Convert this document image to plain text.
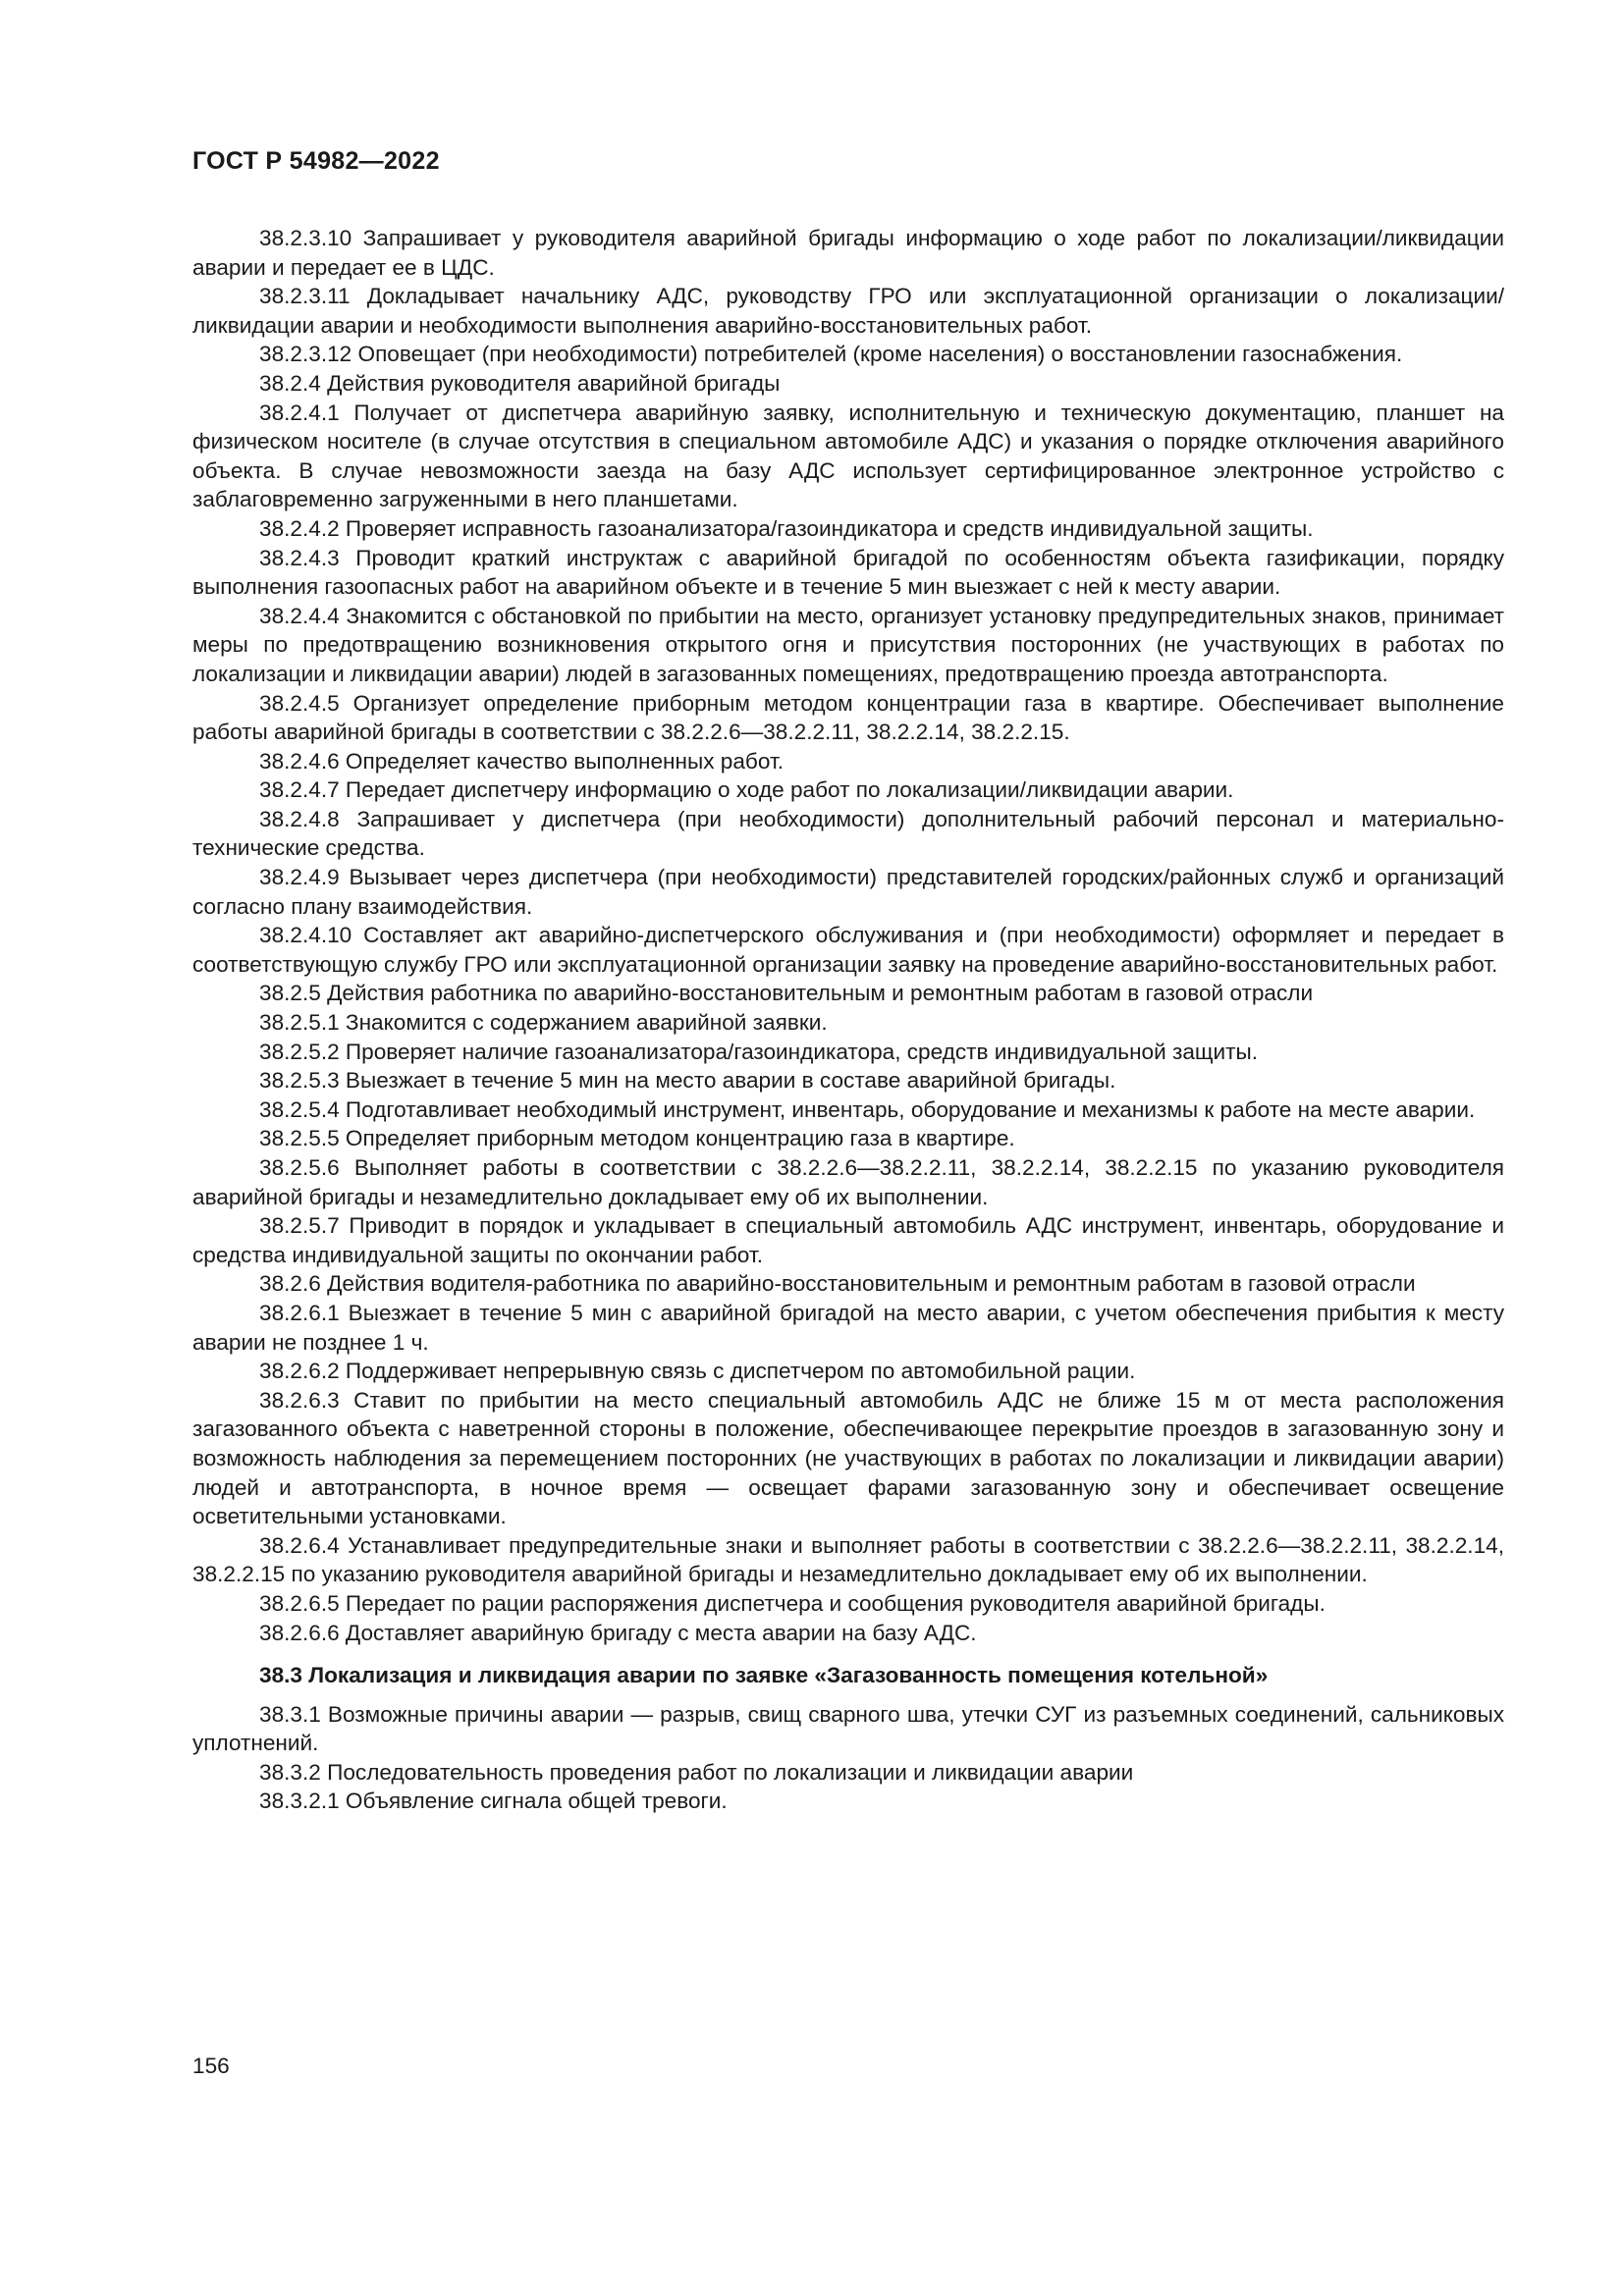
ГОСТ Р 54982—2022

38.2.3.10 Запрашивает у руководителя аварийной бригады информацию о ходе работ по локализации/ликвидации аварии и передает ее в ЦДС.

38.2.3.11 Докладывает начальнику АДС, руководству ГРО или эксплуатационной организации о локализации/ликвидации аварии и необходимости выполнения аварийно-восстановительных работ.

38.2.3.12 Оповещает (при необходимости) потребителей (кроме населения) о восстановлении газоснабжения.

38.2.4 Действия руководителя аварийной бригады

38.2.4.1 Получает от диспетчера аварийную заявку, исполнительную и техническую документацию, планшет на физическом носителе (в случае отсутствия в специальном автомобиле АДС) и указания о порядке отключения аварийного объекта. В случае невозможности заезда на базу АДС использует сертифицированное электронное устройство с заблаговременно загруженными в него планшетами.

38.2.4.2 Проверяет исправность газоанализатора/газоиндикатора и средств индивидуальной защиты.

38.2.4.3 Проводит краткий инструктаж с аварийной бригадой по особенностям объекта газификации, порядку выполнения газоопасных работ на аварийном объекте и в течение 5 мин выезжает с ней к месту аварии.

38.2.4.4 Знакомится с обстановкой по прибытии на место, организует установку предупредительных знаков, принимает меры по предотвращению возникновения открытого огня и присутствия посторонних (не участвующих в работах по локализации и ликвидации аварии) людей в загазованных помещениях, предотвращению проезда автотранспорта.

38.2.4.5 Организует определение приборным методом концентрации газа в квартире. Обеспечивает выполнение работы аварийной бригады в соответствии с 38.2.2.6—38.2.2.11, 38.2.2.14, 38.2.2.15.

38.2.4.6 Определяет качество выполненных работ.

38.2.4.7 Передает диспетчеру информацию о ходе работ по локализации/ликвидации аварии.

38.2.4.8 Запрашивает у диспетчера (при необходимости) дополнительный рабочий персонал и материально-технические средства.

38.2.4.9 Вызывает через диспетчера (при необходимости) представителей городских/районных служб и организаций согласно плану взаимодействия.

38.2.4.10 Составляет акт аварийно-диспетчерского обслуживания и (при необходимости) оформляет и передает в соответствующую службу ГРО или эксплуатационной организации заявку на проведение аварийно-восстановительных работ.

38.2.5 Действия работника по аварийно-восстановительным и ремонтным работам в газовой отрасли

38.2.5.1 Знакомится с содержанием аварийной заявки.

38.2.5.2 Проверяет наличие газоанализатора/газоиндикатора, средств индивидуальной защиты.

38.2.5.3 Выезжает в течение 5 мин на место аварии в составе аварийной бригады.

38.2.5.4 Подготавливает необходимый инструмент, инвентарь, оборудование и механизмы к работе на месте аварии.

38.2.5.5 Определяет приборным методом концентрацию газа в квартире.

38.2.5.6 Выполняет работы в соответствии с 38.2.2.6—38.2.2.11, 38.2.2.14, 38.2.2.15 по указанию руководителя аварийной бригады и незамедлительно докладывает ему об их выполнении.

38.2.5.7 Приводит в порядок и укладывает в специальный автомобиль АДС инструмент, инвентарь, оборудование и средства индивидуальной защиты по окончании работ.

38.2.6 Действия водителя-работника по аварийно-восстановительным и ремонтным работам в газовой отрасли

38.2.6.1 Выезжает в течение 5 мин с аварийной бригадой на место аварии, с учетом обеспечения прибытия к месту аварии не позднее 1 ч.

38.2.6.2 Поддерживает непрерывную связь с диспетчером по автомобильной рации.

38.2.6.3 Ставит по прибытии на место специальный автомобиль АДС не ближе 15 м от места расположения загазованного объекта с наветренной стороны в положение, обеспечивающее перекрытие проездов в загазованную зону и возможность наблюдения за перемещением посторонних (не участвующих в работах по локализации и ликвидации аварии) людей и автотранспорта, в ночное время — освещает фарами загазованную зону и обеспечивает освещение осветительными установками.

38.2.6.4 Устанавливает предупредительные знаки и выполняет работы в соответствии с 38.2.2.6—38.2.2.11, 38.2.2.14, 38.2.2.15 по указанию руководителя аварийной бригады и незамедлительно докладывает ему об их выполнении.

38.2.6.5 Передает по рации распоряжения диспетчера и сообщения руководителя аварийной бригады.

38.2.6.6 Доставляет аварийную бригаду с места аварии на базу АДС.

38.3 Локализация и ликвидация аварии по заявке «Загазованность помещения котельной»

38.3.1 Возможные причины аварии — разрыв, свищ сварного шва, утечки СУГ из разъемных соединений, сальниковых уплотнений.

38.3.2 Последовательность проведения работ по локализации и ликвидации аварии

38.3.2.1 Объявление сигнала общей тревоги.

156
